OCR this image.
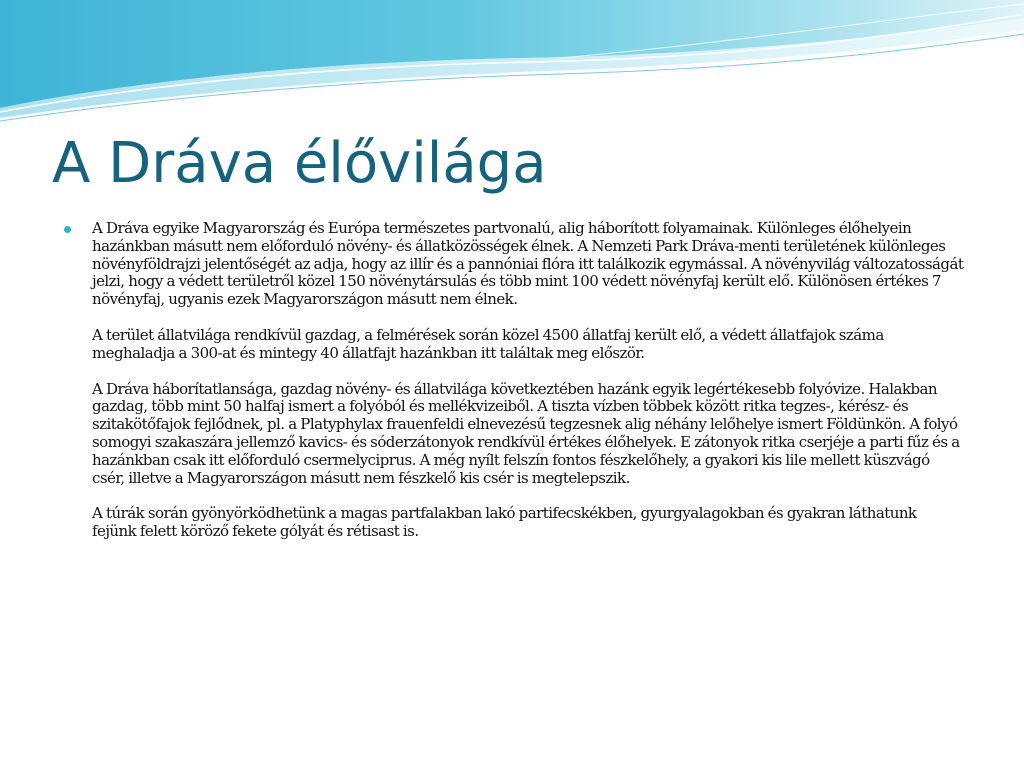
A Dráva élővilága

A Dráva egyike Magyarország és Európa természetes partvonalú, alig háborított folyamainak. Különleges élőhelyein hazánkban másutt nem előforduló növény- és állatközösségek élnek. A Nemzeti Park Dráva-menti területének különleges növényföldrajzi jelentőségét az adja, hogy az illír és a pannóniai flóra itt találkozik egymással. A növényvilág változatosságát jelzi, hogy a védett területről közel 150 növénytársulás és több mint 100 védett növényfaj került elő. Különösen értékes 7 növényfaj, ugyanis ezek Magyarországon másutt nem élnek.

A terület állatvilága rendkívül gazdag, a felmérések során közel 4500 állatfaj került elő, a védett állatfajok száma meghaladja a 300-at és mintegy 40 állatfajt hazánkban itt találtak meg először.

A Dráva háborítatlansága, gazdag növény- és állatvilága következtében hazánk egyik legértékesebb folyóvize. Halakban gazdag, több mint 50 halfaj ismert a folyóból és mellékvizeiből. A tiszta vízben többek között ritka tegzes-, kérész- és szitakötőfajok fejlődnek, pl. a Platyphylax frauenfeldi elnevezésű tegzesnek alig néhány lelőhelye ismert Földünkön. A folyó somogyi szakaszára jellemző kavics- és sóderzátonyok rendkívül értékes élőhelyek. E zátonyok ritka cserjéje a parti fűz és a hazánkban csak itt előforduló csermelyciprus. A még nyílt felszín fontos fészkelőhely, a gyakori kis lile mellett küszvágó csér, illetve a Magyarországon másutt nem fészkelő kis csér is megtelepszik.

A túrák során gyönyörködhetünk a magas partfalakban lakó partifecskékben, gyurgyalagokban és gyakran láthatunk fejünk felett köröző fekete gólyát és rétisast is.
